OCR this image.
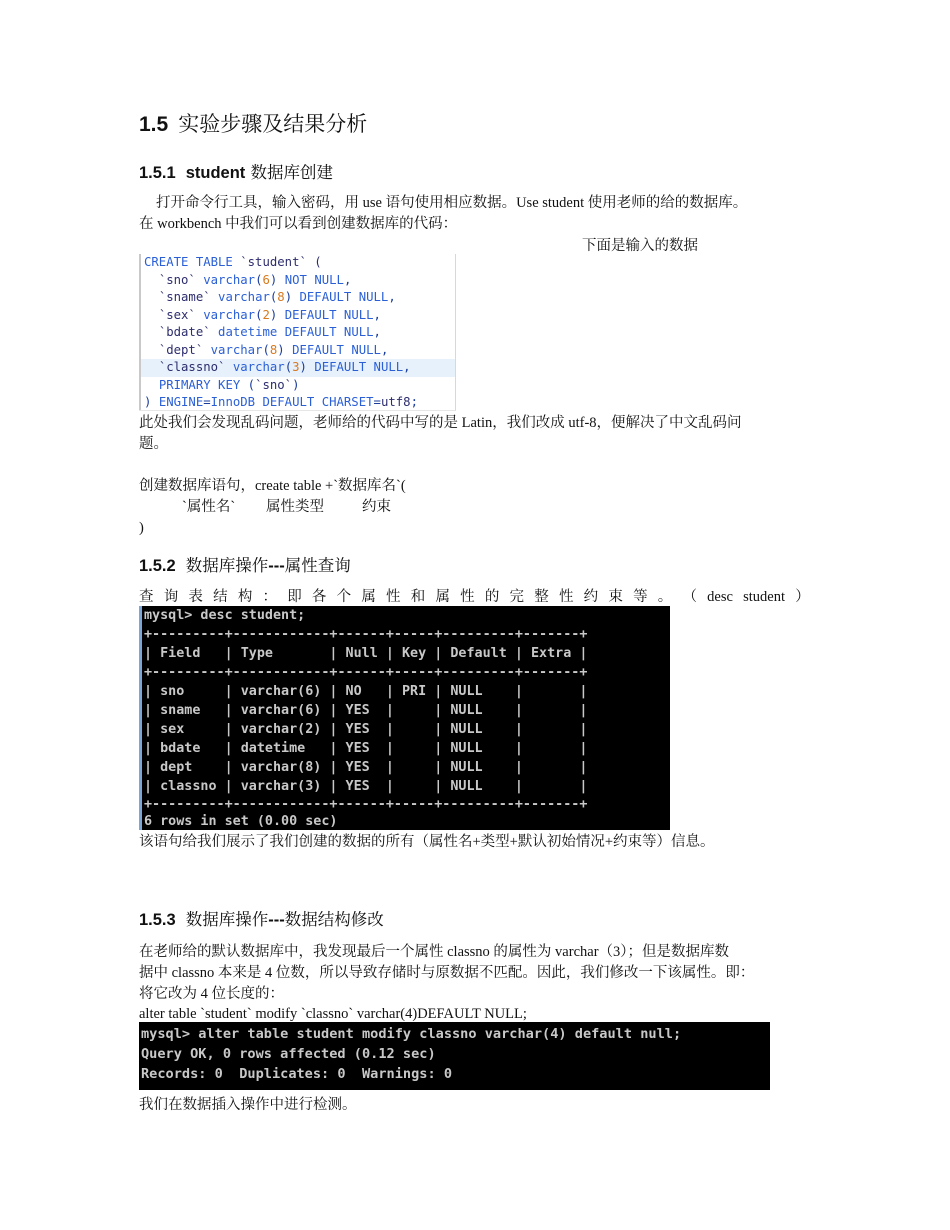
1.5 实验步骤及结果分析
1.5.1 student 数据库创建
打开命令行工具，输入密码，用 use 语句使用相应数据。Use student 使用老师的给的数据库。
在 workbench 中我们可以看到创建数据库的代码：
下面是输入的数据
CREATE TABLE `student` (
`sno` varchar(6) NOT NULL,
`sname` varchar(8) DEFAULT NULL,
`sex` varchar(2) DEFAULT NULL,
`bdate` datetime DEFAULT NULL,
`dept` varchar(8) DEFAULT NULL,
`classno` varchar(3) DEFAULT NULL,
PRIMARY KEY (`sno`)
) ENGINE=InnoDB DEFAULT CHARSET=utf8;
此处我们会发现乱码问题，老师给的代码中写的是 Latin，我们改成 utf-8，便解决了中文乱码问
题。
创建数据库语句，create table +`数据库名`(
`属性名` 属性类型	约束
)
1.5.2 数据库操作---属性查询
查 询 表 结 构 ： 即 各 个 属 性 和 属 性 的 完 整 性 约 束 等 。 （ desc student ）
mysql> desc student;
+---------+------------+------+-----+---------+-------+
| Field   | Type       | Null | Key | Default | Extra |
+---------+------------+------+-----+---------+-------+
| sno     | varchar(6) | NO   | PRI | NULL    |       |
| sname   | varchar(6) | YES  |     | NULL    |       |
| sex     | varchar(2) | YES  |     | NULL    |       |
| bdate   | datetime   | YES  |     | NULL    |       |
| dept    | varchar(8) | YES  |     | NULL    |       |
| classno | varchar(3) | YES  |     | NULL    |       |
+---------+------------+------+-----+---------+-------+
6 rows in set (0.00 sec)
该语句给我们展示了我们创建的数据的所有（属性名+类型+默认初始情况+约束等）信息。
1.5.3 数据库操作---数据结构修改
在老师给的默认数据库中，我发现最后一个属性 classno 的属性为 varchar（3）；但是数据库数
据中 classno 本来是 4 位数，所以导致存储时与原数据不匹配。因此，我们修改一下该属性。即：
将它改为 4 位长度的：
alter table `student` modify `classno` varchar(4)DEFAULT NULL;
mysql> alter table student modify classno varchar(4) default null;
Query OK, 0 rows affected (0.12 sec)
Records: 0  Duplicates: 0  Warnings: 0
我们在数据插入操作中进行检测。
